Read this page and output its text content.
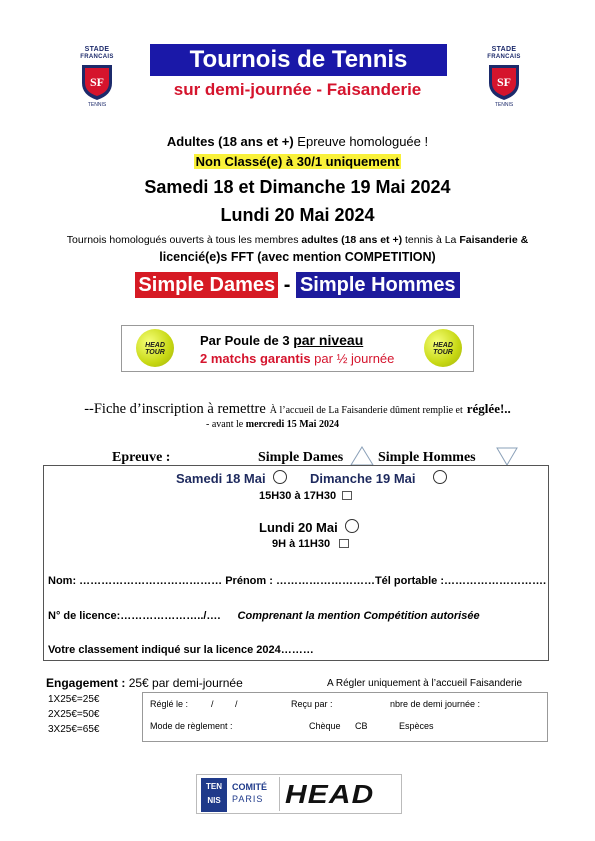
STADE
FRANCAIS
SF
TENNIS
STADE
FRANCAIS
SF
TENNIS
Tournois de Tennis
sur demi-journée - Faisanderie
Adultes (18 ans et +) Epreuve homologuée !
Non Classé(e) à 30/1 uniquement
Samedi 18 et Dimanche 19 Mai 2024
Lundi 20 Mai 2024
Tournois homologués ouverts à tous les membres adultes (18 ans et +) tennis à La Faisanderie &
licencié(e)s FFT (avec mention COMPETITION)
Simple Dames - Simple Hommes
HEAD
TOUR
Par Poule de 3 par niveau
2 matchs garantis par ½ journée
HEAD
TOUR
--Fiche d’inscription à remettre À l’accueil de La Faisanderie dûment remplie et réglée!..
- avant le mercredi 15 Mai 2024
Epreuve :	Simple Dames Simple Hommes
Samedi 18 Mai	Dimanche 19 Mai
15H30 à 17H30
Lundi 20 Mai
9H à 11H30
Nom: ………………………………… Prénom : ………………………Tél portable :……………………….
N° de licence:…………………../…. Comprenant la mention Compétition autorisée
Votre classement indiqué sur la licence 2024………
Engagement : 25€ par demi-journée	A Régler uniquement à l’accueil Faisanderie
1X25€=25€
2X25€=50€
3X25€=65€
Réglé le :	/ /	Reçu par :	nbre de demi journée :
Mode de règlement :	Chèque CB	Espèces
TEN
NIS
COMITÉ
PARIS HEAD
